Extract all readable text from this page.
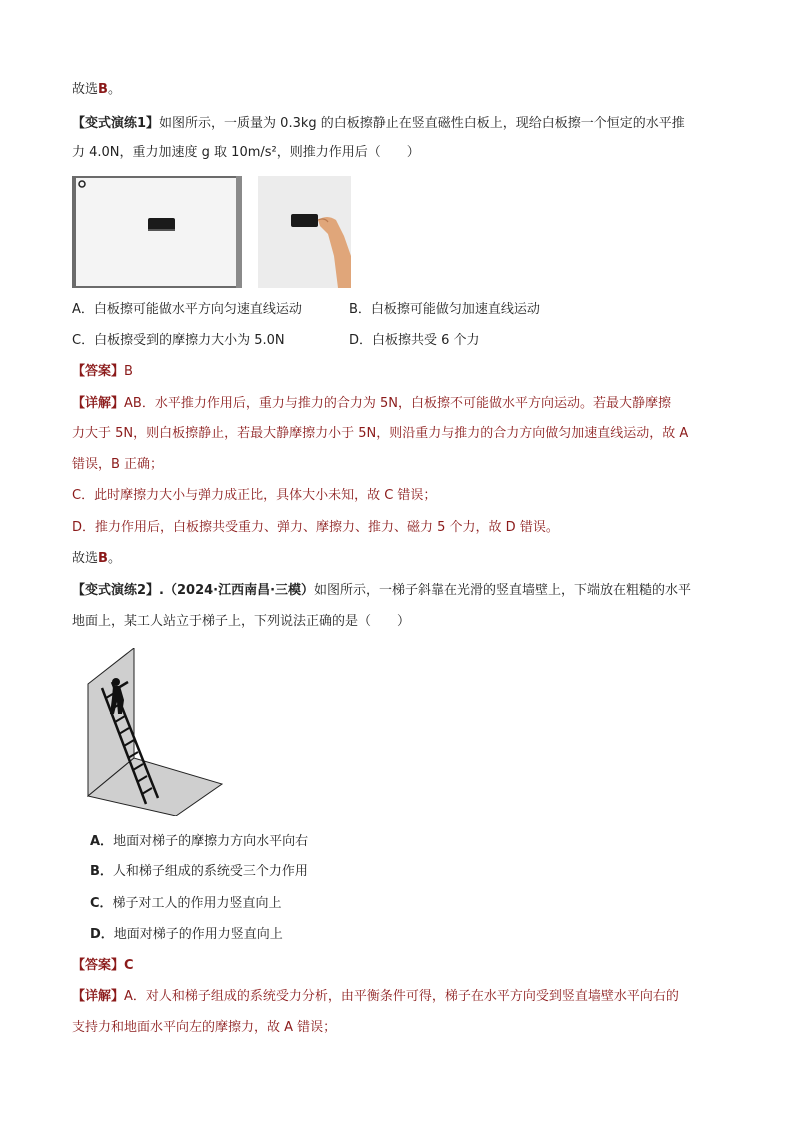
故选B。
【变式演练1】如图所示，一质量为 0.3kg 的白板擦静止在竖直磁性白板上，现给白板擦一个恒定的水平推
力 4.0N，重力加速度 g 取 10m/s²，则推力作用后（　　）
A．白板擦可能做水平方向匀速直线运动	B．白板擦可能做匀加速直线运动
C．白板擦受到的摩擦力大小为 5.0N	D．白板擦共受 6 个力
【答案】B
【详解】AB．水平推力作用后，重力与推力的合力为 5N，白板擦不可能做水平方向运动。若最大静摩擦
力大于 5N，则白板擦静止，若最大静摩擦力小于 5N，则沿重力与推力的合力方向做匀加速直线运动，故 A
错误，B 正确；
C．此时摩擦力大小与弹力成正比，具体大小未知，故 C 错误；
D．推力作用后，白板擦共受重力、弹力、摩擦力、推力、磁力 5 个力，故 D 错误。
故选B。
【变式演练2】.（2024·江西南昌·三模）如图所示，一梯子斜靠在光滑的竖直墙壁上，下端放在粗糙的水平
地面上，某工人站立于梯子上，下列说法正确的是（　　）
A．地面对梯子的摩擦力方向水平向右
B．人和梯子组成的系统受三个力作用
C．梯子对工人的作用力竖直向上
D．地面对梯子的作用力竖直向上
【答案】C
【详解】A．对人和梯子组成的系统受力分析，由平衡条件可得，梯子在水平方向受到竖直墙壁水平向右的
支持力和地面水平向左的摩擦力，故 A 错误；
